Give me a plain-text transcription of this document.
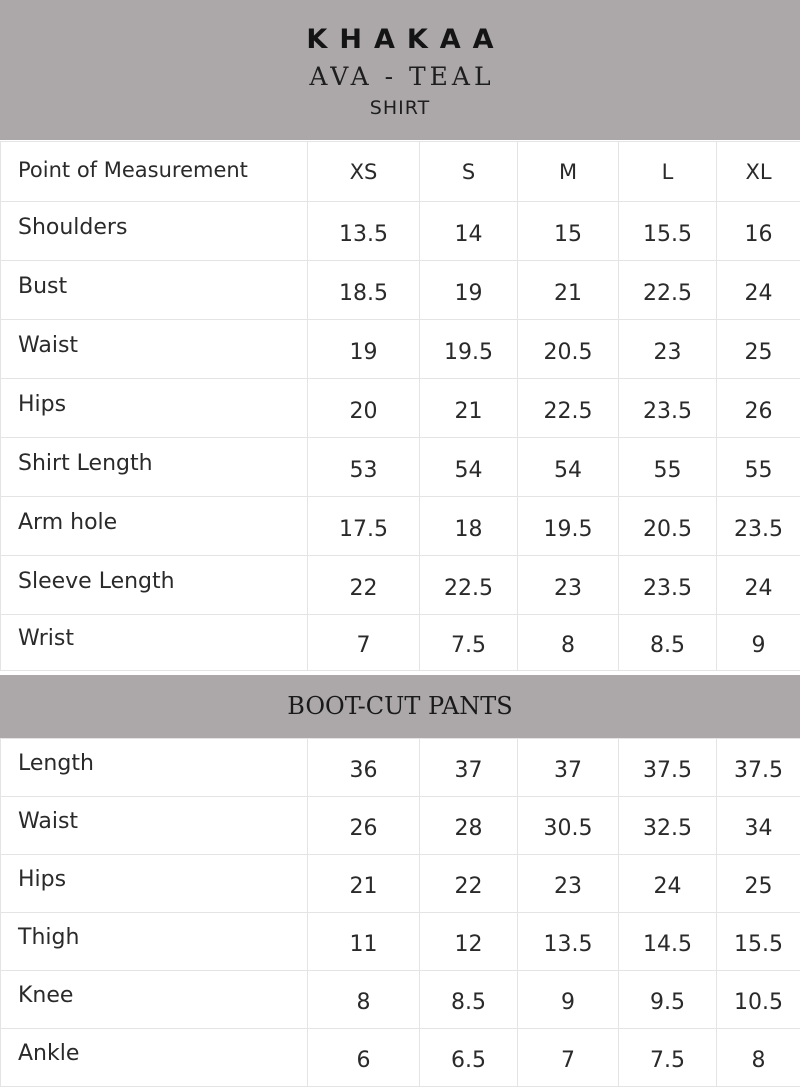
KHAKAA
AVA - TEAL
SHIRT
Point of Measurement	XS	S	M	L	XL
Shoulders	13.5	14	15	15.5	16
Bust	18.5	19	21	22.5	24
Waist	19	19.5	20.5	23	25
Hips	20	21	22.5	23.5	26
Shirt Length	53	54	54	55	55
Arm hole	17.5	18	19.5	20.5	23.5
Sleeve Length	22	22.5	23	23.5	24
Wrist	7	7.5	8	8.5	9
BOOT-CUT PANTS
Length	36	37	37	37.5	37.5
Waist	26	28	30.5	32.5	34
Hips	21	22	23	24	25
Thigh	11	12	13.5	14.5	15.5
Knee	8	8.5	9	9.5	10.5
Ankle	6	6.5	7	7.5	8
